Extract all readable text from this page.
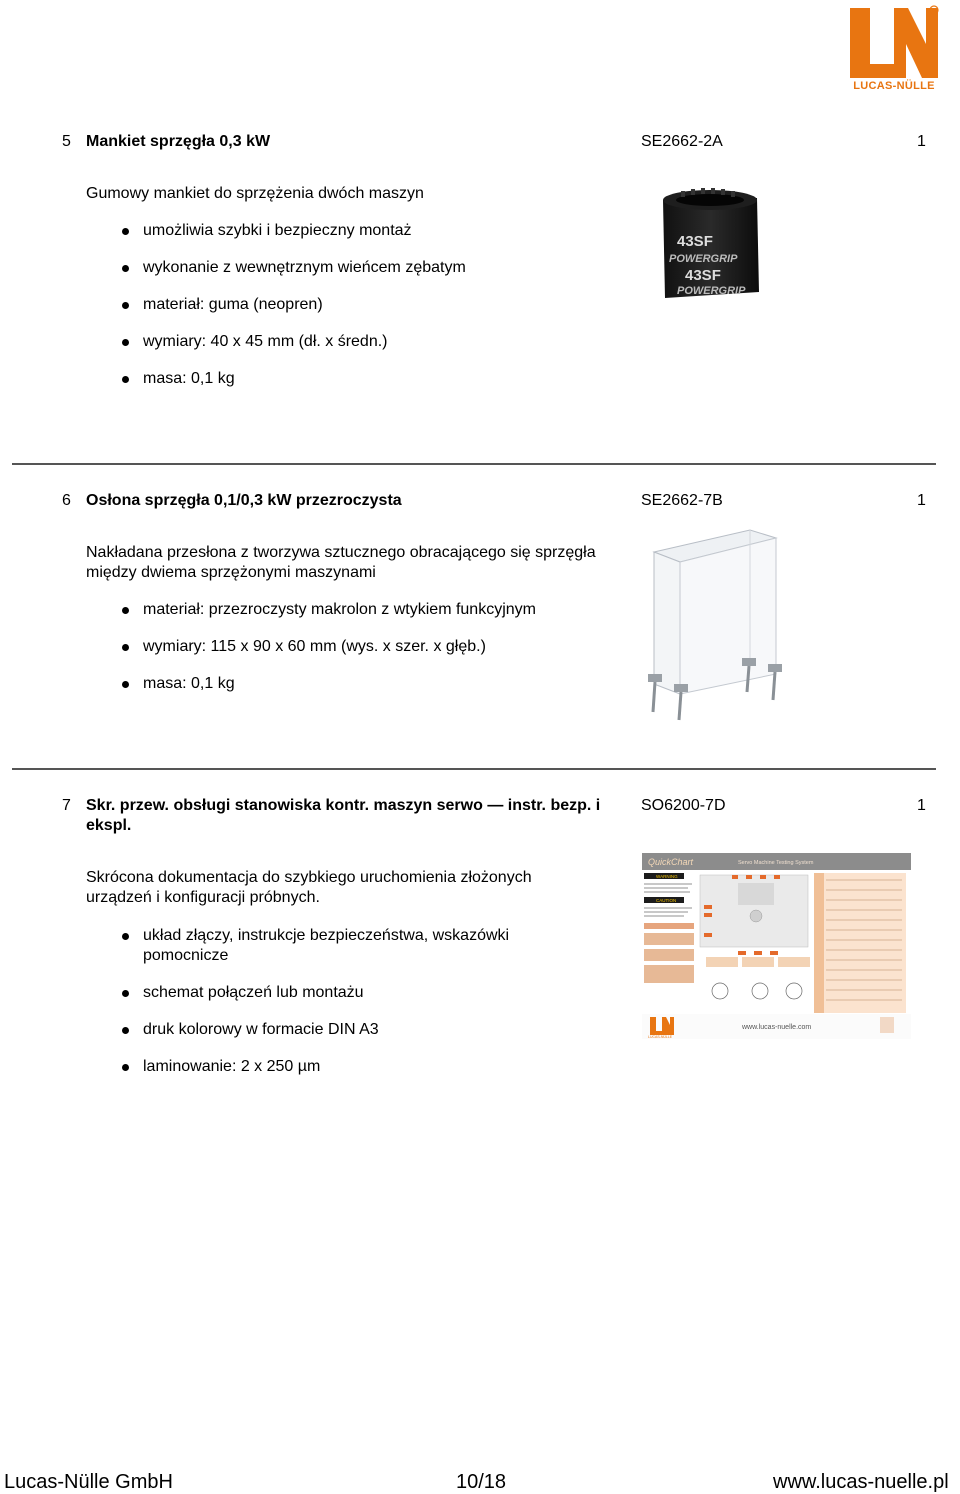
R
LUCAS-NÜLLE
5 Mankiet sprzęgła 0,3 kW	SE2662-2A	1
Gumowy mankiet do sprzężenia dwóch maszyn
umożliwia szybki i bezpieczny montaż
wykonanie z wewnętrznym wieńcem zębatym
materiał: guma (neopren)
wymiary: 40 x 45 mm (dł. x średn.)
masa: 0,1 kg
43SF
POWERGRIP
43SF
POWERGRIP
6 Osłona sprzęgła 0,1/0,3 kW przezroczysta	SE2662-7B	1
Nakładana przesłona z tworzywa sztucznego obracającego się sprzęgła między dwiema sprzężonymi maszynami
materiał: przezroczysty makrolon z wtykiem funkcyjnym
wymiary: 115 x 90 x 60 mm (wys. x szer. x głęb.)
masa: 0,1 kg
7 Skr. przew. obsługi stanowiska kontr. maszyn serwo — instr. bezp. i ekspl.
SO6200-7D	1
Skrócona dokumentacja do szybkiego uruchomienia złożonych urządzeń i konfiguracji próbnych.
układ złączy, instrukcje bezpieczeństwa, wskazówki pomocnicze
schemat połączeń lub montażu
druk kolorowy w formacie DIN A3
laminowanie: 2 x 250 µm
QuickChart	Servo Machine Testing System
WARNING
CAUTION
www.lucas-nuelle.com
LUCAS-NÜLLE
Lucas-Nülle GmbH	10/18	www.lucas-nuelle.pl
